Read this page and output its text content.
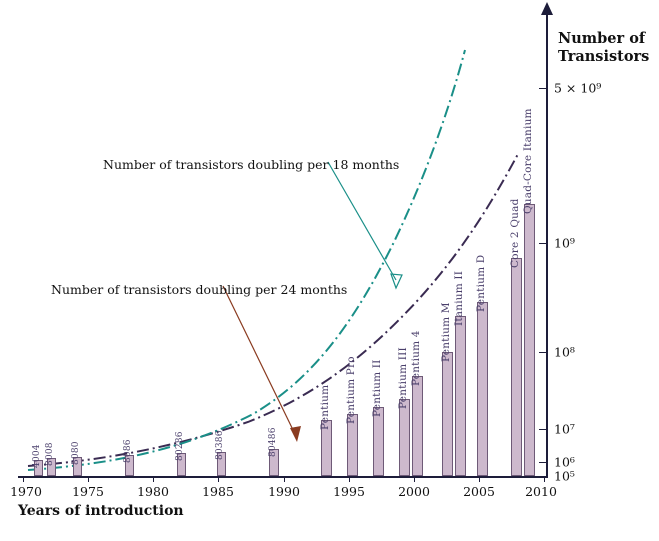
Number of transistors doubling per 18 months
Number of transistors doubling per 24 months
4004 8008 8080	8086	80286	80386	80486
Pentium Pentium Pro Pentium II Pentium III Pentium 4 Pentium M
Itanium II Pentium D
Core 2 Quad
Quad-Core Itanium
1970 1975	1980	1985	1990	1995	2000	2005 2010
5 × 10⁹
10⁹
10⁸
10⁷
10⁶
10⁵
Years of introduction
Number of
Transistors
